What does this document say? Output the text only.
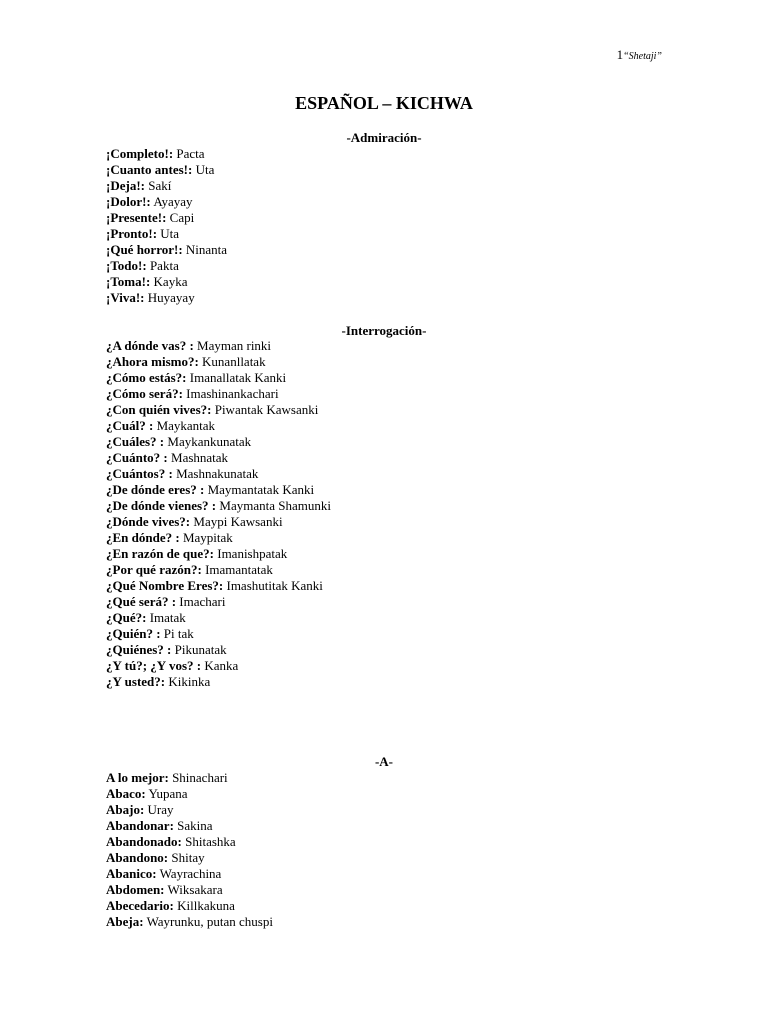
1“Shetaji”
ESPAÑOL – KICHWA
-Admiración-
¡Completo!: Pacta
¡Cuanto antes!: Uta
¡Deja!: Sakí
¡Dolor!: Ayayay
¡Presente!: Capi
¡Pronto!: Uta
¡Qué horror!: Ninanta
¡Todo!: Pakta
¡Toma!: Kayka
¡Viva!: Huyayay
-Interrogación-
¿A dónde vas? : Mayman rinki
¿Ahora mismo?: Kunanllatak
¿Cómo estás?: Imanallatak Kanki
¿Cómo será?: Imashinankachari
¿Con quién vives?: Piwantak Kawsanki
¿Cuál? : Maykantak
¿Cuáles? : Maykankunatak
¿Cuánto? : Mashnatak
¿Cuántos? : Mashnakunatak
¿De dónde eres? : Maymantatak Kanki
¿De dónde vienes? : Maymanta Shamunki
¿Dónde vives?: Maypi Kawsanki
¿En dónde? : Maypitak
¿En razón de que?: Imanishpatak
¿Por qué razón?: Imamantatak
¿Qué Nombre Eres?: Imashutitak Kanki
¿Qué será? : Imachari
¿Qué?: Imatak
¿Quién? : Pi tak
¿Quiénes? : Pikunatak
¿Y tú?; ¿Y vos? : Kanka
¿Y usted?: Kikinka
-A-
A lo mejor: Shinachari
Abaco: Yupana
Abajo: Uray
Abandonar: Sakina
Abandonado: Shitashka
Abandono: Shitay
Abanico: Wayrachina
Abdomen: Wiksakara
Abecedario: Killkakuna
Abeja: Wayrunku, putan chuspi
